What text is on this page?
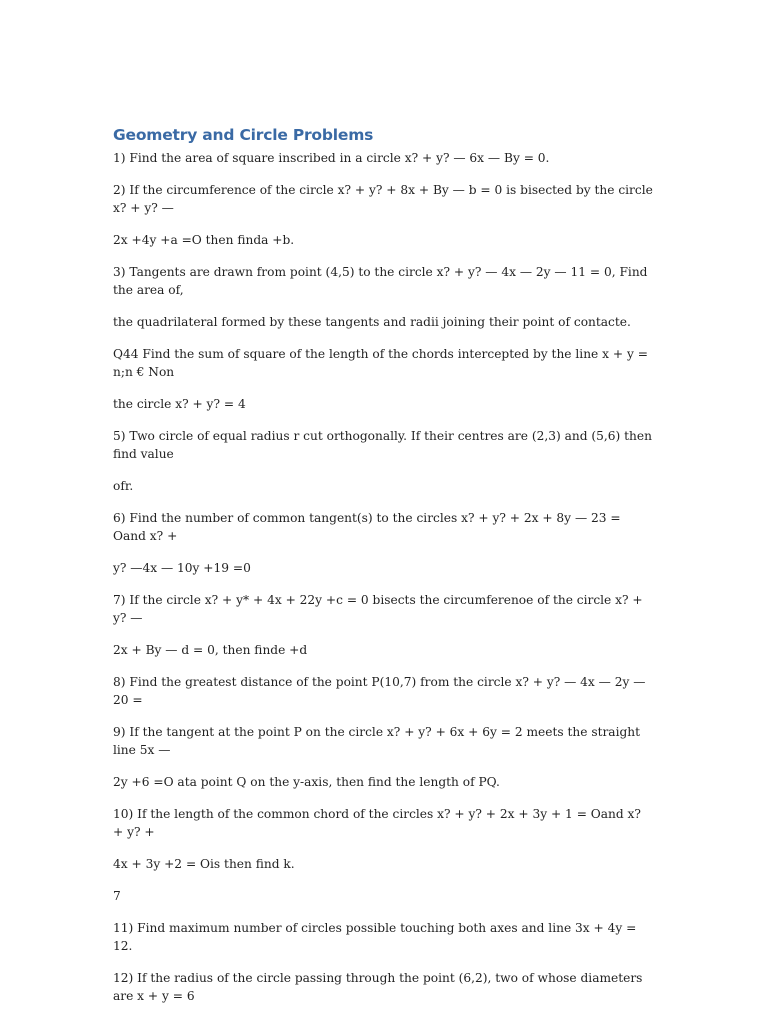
Geometry and Circle Problems

1) Find the area of square inscribed in a circle x? + y? — 6x — By = 0.

2) If the circumference of the circle x? + y? + 8x + By — b = 0 is bisected by the circle x? + y? —

2x +4y +a =O then finda +b.

3) Tangents are drawn from point (4,5) to the circle x? + y? — 4x — 2y — 11 = 0, Find the area of,

the quadrilateral formed by these tangents and radii joining their point of contacte.

Q44 Find the sum of square of the length of the chords intercepted by the line x + y = n;n € Non

the circle x? + y? = 4

5) Two circle of equal radius r cut orthogonally. If their centres are (2,3) and (5,6) then find value

ofr.

6) Find the number of common tangent(s) to the circles x? + y? + 2x + 8y — 23 = Oand x? +

y? —4x — 10y +19 =0

7) If the circle x? + y* + 4x + 22y +c = 0 bisects the circumferenoe of the circle x? + y? —

2x + By — d = 0, then finde +d

8) Find the greatest distance of the point P(10,7) from the circle x? + y? — 4x — 2y — 20 =

9) If the tangent at the point P on the circle x? + y? + 6x + 6y = 2 meets the straight line 5x —

2y +6 =O ata point Q on the y-axis, then find the length of PQ.

10) If the length of the common chord of the circles x? + y? + 2x + 3y + 1 = Oand x? + y? +

4x + 3y +2 = Ois then find k.

7

11) Find maximum number of circles possible touching both axes and line 3x + 4y = 12.

12) If the radius of the circle passing through the point (6,2), two of whose diameters are x + y = 6
